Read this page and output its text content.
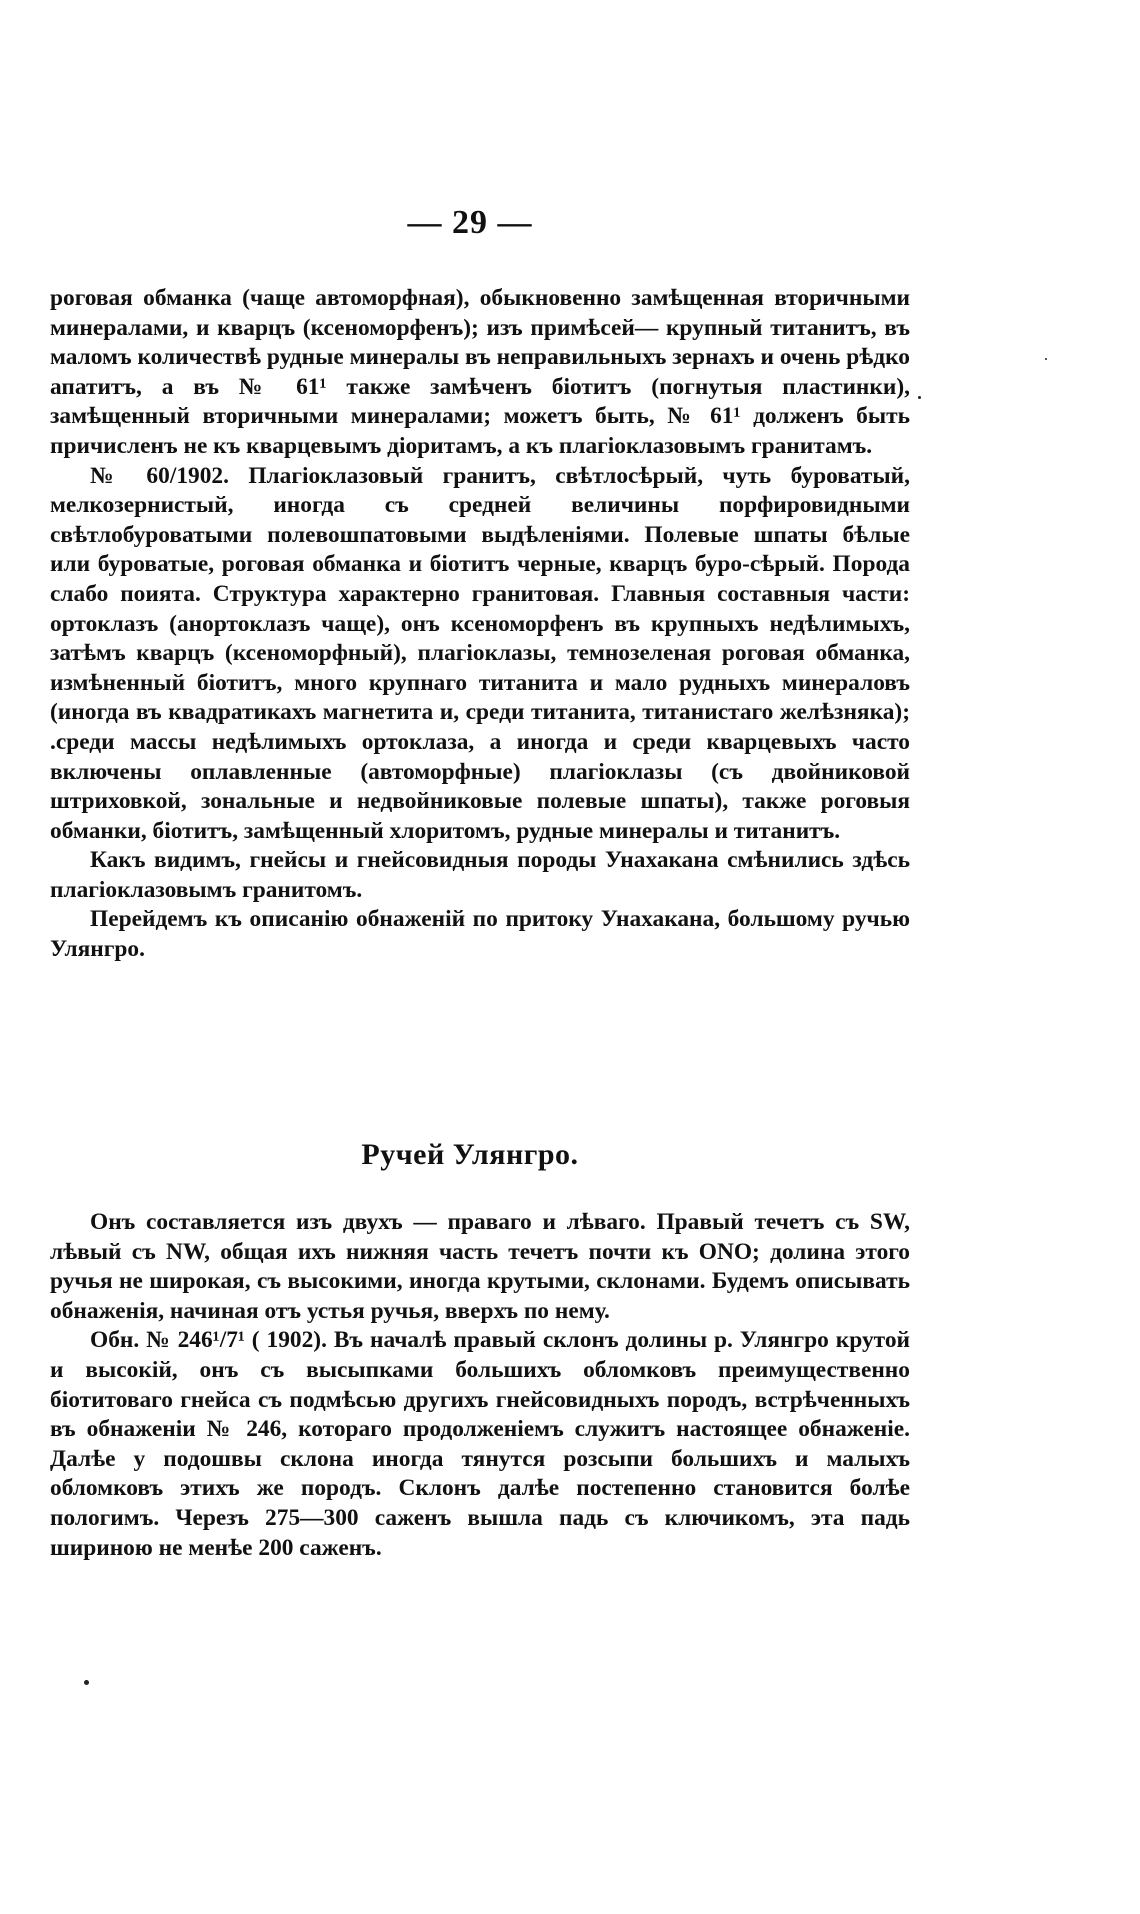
— 29 —

роговая обманка (чаще автоморфная), обыкновенно замѣщенная вторичными минералами, и кварцъ (ксеноморфенъ); изъ примѣсей— крупный титанитъ, въ маломъ количествѣ рудные минералы въ неправильныхъ зернахъ и очень рѣдко апатитъ, а въ № 61¹ также замѣченъ біотитъ (погнутыя пластинки), замѣщенный вторичными минералами; можетъ быть, № 61¹ долженъ быть причисленъ не къ кварцевымъ діоритамъ, а къ плагіоклазовымъ гранитамъ.

№ 60/1902. Плагіоклазовый гранитъ, свѣтлосѣрый, чуть буроватый, мелкозернистый, иногда съ средней величины порфировидными свѣтлобуроватыми полевошпатовыми выдѣленіями. Полевые шпаты бѣлые или буроватые, роговая обманка и біотитъ черные, кварцъ буро-сѣрый. Порода слабо поията. Структура характерно гранитовая. Главныя составныя части: ортоклазъ (анортоклазъ чаще), онъ ксеноморфенъ въ крупныхъ недѣлимыхъ, затѣмъ кварцъ (ксеноморфный), плагіоклазы, темнозеленая роговая обманка, измѣненный біотитъ, много крупнаго титанита и мало рудныхъ минераловъ (иногда въ квадратикахъ магнетита и, среди титанита, титанистаго желѣзняка); .среди массы недѣлимыхъ ортоклаза, а иногда и среди кварцевыхъ часто включены оплавленные (автоморфные) плагіоклазы (съ двойниковой штриховкой, зональные и недвойниковые полевые шпаты), также роговыя обманки, біотитъ, замѣщенный хлоритомъ, рудные минералы и титанитъ.

Какъ видимъ, гнейсы и гнейсовидныя породы Унахакана смѣнились здѣсь плагіоклазовымъ гранитомъ.

Перейдемъ къ описанію обнаженій по притоку Унахакана, большому ручью Улянгро.

Ручей Улянгро.

Онъ составляется изъ двухъ — праваго и лѣваго. Правый течетъ съ SW, лѣвый съ NW, общая ихъ нижняя часть течетъ почти къ ONO; долина этого ручья не широкая, съ высокими, иногда крутыми, склонами. Будемъ описывать обнаженія, начиная отъ устья ручья, вверхъ по нему.

Обн. № 246¹/7¹ ( 1902). Въ началѣ правый склонъ долины р. Улянгро крутой и высокій, онъ съ высыпками большихъ обломковъ преимущественно біотитоваго гнейса съ подмѣсью другихъ гнейсовидныхъ породъ, встрѣченныхъ въ обнаженіи № 246, котораго продолженіемъ служитъ настоящее обнаженіе. Далѣе у подошвы склона иногда тянутся розсыпи большихъ и малыхъ обломковъ этихъ же породъ. Склонъ далѣе постепенно становится болѣе пологимъ. Черезъ 275—300 саженъ вышла падь съ ключикомъ, эта падь шириною не менѣе 200 саженъ.
